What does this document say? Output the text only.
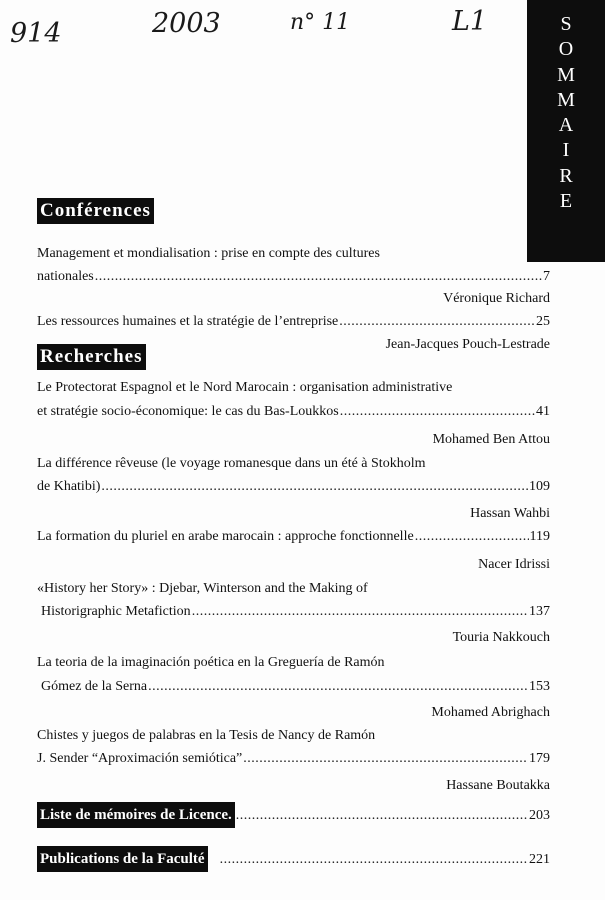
914	2003	n° 11	L1	S
O
M
M
A
I
R
E
Conférences
Management et mondialisation : prise en compte des cultures
nationales .....	7
Véronique Richard
Les ressources humaines et la stratégie de l’entreprise .....	25
Jean-Jacques Pouch-Lestrade
Recherches
Le Protectorat Espagnol et le Nord Marocain : organisation administrative
et stratégie socio-économique: le cas du Bas-Loukkos .....	41
Mohamed Ben Attou
La différence rêveuse (le voyage romanesque dans un été à Stokholm
de Khatibi) .....	109
Hassan Wahbi
La formation du pluriel en arabe marocain : approche fonctionnelle .....	119
Nacer Idrissi
«History her Story» : Djebar, Winterson and the Making of
Historigraphic Metafiction .....	137
Touria Nakkouch
La teoria de la imaginación poética en la Greguería de Ramón
Gómez de la Serna .....	153
Mohamed Abrighach
Chistes y juegos de palabras en la Tesis de Nancy de Ramón
J. Sender “Aproximación semiótica” .....	179
Hassane Boutakka
Liste de mémoires de Licence. .....	203
Publications de la Faculté .....	221
